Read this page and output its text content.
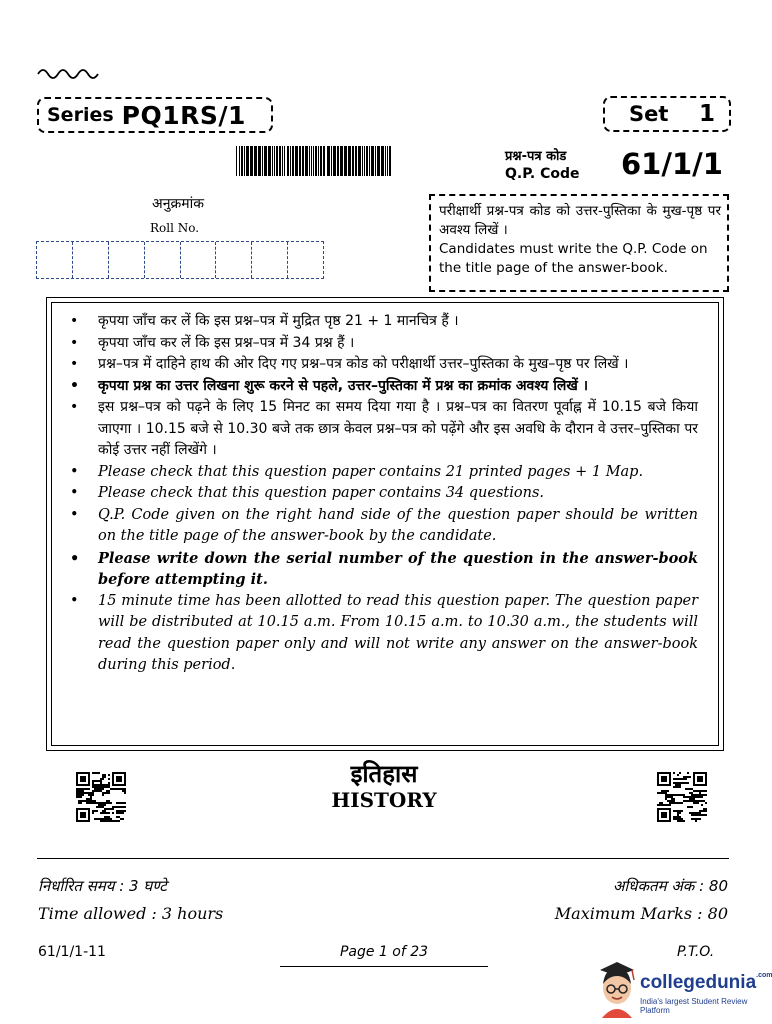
Series PQ1RS/1	Set 1
प्रश्न-पत्र कोड
Q.P. Code 61/1/1
अनुक्रमांक
Roll No.
परीक्षार्थी प्रश्न-पत्र कोड को उत्तर-पुस्तिका के मुख-पृष्ठ पर अवश्य लिखें ।
Candidates must write the Q.P. Code on the title page of the answer-book.
• कृपया जाँच कर लें कि इस प्रश्न–पत्र में मुद्रित पृष्ठ 21 + 1 मानचित्र हैं ।
• कृपया जाँच कर लें कि इस प्रश्न–पत्र में 34 प्रश्न हैं ।
• प्रश्न–पत्र में दाहिने हाथ की ओर दिए गए प्रश्न–पत्र कोड को परीक्षार्थी उत्तर–पुस्तिका के मुख–पृष्ठ पर लिखें ।
• कृपया प्रश्न का उत्तर लिखना शुरू करने से पहले, उत्तर–पुस्तिका में प्रश्न का क्रमांक अवश्य लिखें ।
• इस प्रश्न–पत्र को पढ़ने के लिए 15 मिनट का समय दिया गया है । प्रश्न–पत्र का वितरण पूर्वाह्न में 10.15 बजे किया जाएगा । 10.15 बजे से 10.30 बजे तक छात्र केवल प्रश्न–पत्र को पढ़ेंगे और इस अवधि के दौरान वे उत्तर–पुस्तिका पर कोई उत्तर नहीं लिखेंगे ।
• Please check that this question paper contains 21 printed pages + 1 Map.
• Please check that this question paper contains 34 questions.
• Q.P. Code given on the right hand side of the question paper should be written on the title page of the answer-book by the candidate.
• Please write down the serial number of the question in the answer-book before attempting it.
• 15 minute time has been allotted to read this question paper. The question paper will be distributed at 10.15 a.m. From 10.15 a.m. to 10.30 a.m., the students will read the question paper only and will not write any answer on the answer-book during this period.
इतिहास
HISTORY
निर्धारित समय : 3 घण्टे
Time allowed : 3 hours
अधिकतम अंक : 80
Maximum Marks : 80
61/1/1-11	Page 1 of 23	P.T.O.
collegedunia$^{.com}$
India's largest Student Review Platform
